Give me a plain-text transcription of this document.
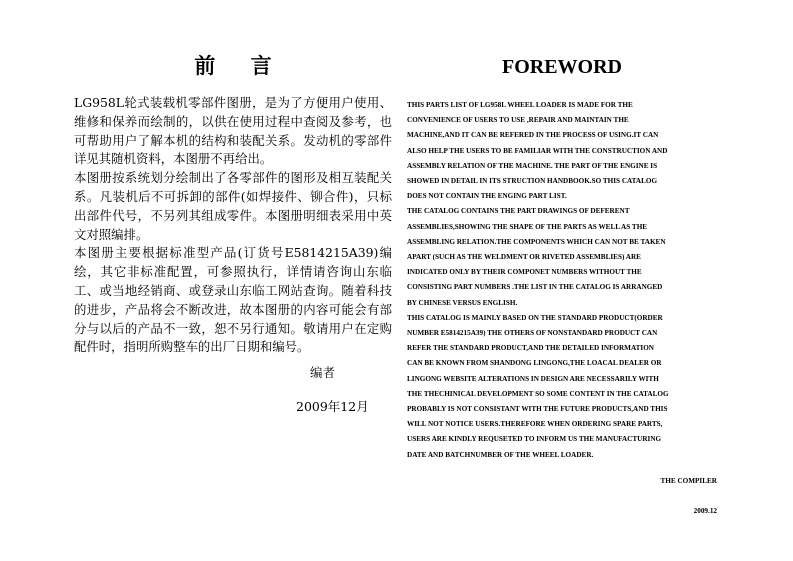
前 言

LG958L轮式装载机零部件图册，是为了方便用户使用、维修和保养而绘制的，以供在使用过程中查阅及参考，也可帮助用户了解本机的结构和装配关系。发动机的零部件详见其随机资料，本图册不再给出。

本图册按系统划分绘制出了各零部件的图形及相互装配关系。凡装机后不可拆卸的部件(如焊接件、铆合件)，只标出部件代号，不另列其组成零件。本图册明细表采用中英文对照编排。

本图册主要根据标准型产品(订货号E5814215A39)编绘，其它非标准配置，可参照执行，详情请咨询山东临工、或当地经销商、或登录山东临工网站查询。随着科技的进步，产品将会不断改进，故本图册的内容可能会有部分与以后的产品不一致，恕不另行通知。敬请用户在定购配件时，指明所购整车的出厂日期和编号。

编者
2009年12月
FOREWORD

THIS PARTS LIST OF LG958L WHEEL LOADER IS MADE FOR THE

CONVENIENCE OF USERS TO USE ,REPAIR AND MAINTAIN THE

MACHINE,AND IT CAN BE REFERED IN THE PROCESS OF USING.IT CAN

ALSO HELP THE USERS TO BE FAMILIAR WITH THE CONSTRUCTION AND

ASSEMBLY RELATION OF THE MACHINE. THE PART OF THE ENGINE IS

SHOWED IN DETAIL IN ITS STRUCTION HANDBOOK.SO THIS CATALOG

DOES NOT CONTAIN THE ENGING PART LIST.

THE CATALOG CONTAINS THE PART DRAWINGS OF DEFERENT

ASSEMBLIES,SHOWING THE SHAPE OF THE PARTS AS WELL AS THE

ASSEMBLING RELATION.THE COMPONENTS WHICH CAN NOT BE TAKEN

APART (SUCH AS THE WELDMENT OR RIVETED ASSEMBLIES) ARE

INDICATED ONLY BY THEIR COMPONET NUMBERS WITHOUT THE

CONSISTING PART NUMBERS .THE LIST IN THE CATALOG IS ARRANGED

BY CHINESE VERSUS ENGLISH.

THIS CATALOG IS MAINLY BASED ON THE STANDARD PRODUCT(ORDER

NUMBER E5814215A39) THE OTHERS OF NONSTANDARD PRODUCT CAN

REFER THE STANDARD PRODUCT,AND THE DETAILED INFORMATION

CAN BE KNOWN FROM SHANDONG LINGONG,THE LOACAL DEALER OR

LINGONG WEBSITE ALTERATIONS IN DESIGN ARE NECESSARILY WITH

THE THECHINICAL DEVELOPMENT SO SOME CONTENT IN THE CATALOG

PROBABLY IS NOT CONSISTANT WITH THE FUTURE PRODUCTS,AND THIS

WILL NOT NOTICE USERS.THEREFORE WHEN ORDERING SPARE PARTS,

USERS ARE KINDLY REQUSETED TO INFORM US THE MANUFACTURING

DATE AND BATCHNUMBER OF THE WHEEL LOADER.

THE COMPILER
2009.12
